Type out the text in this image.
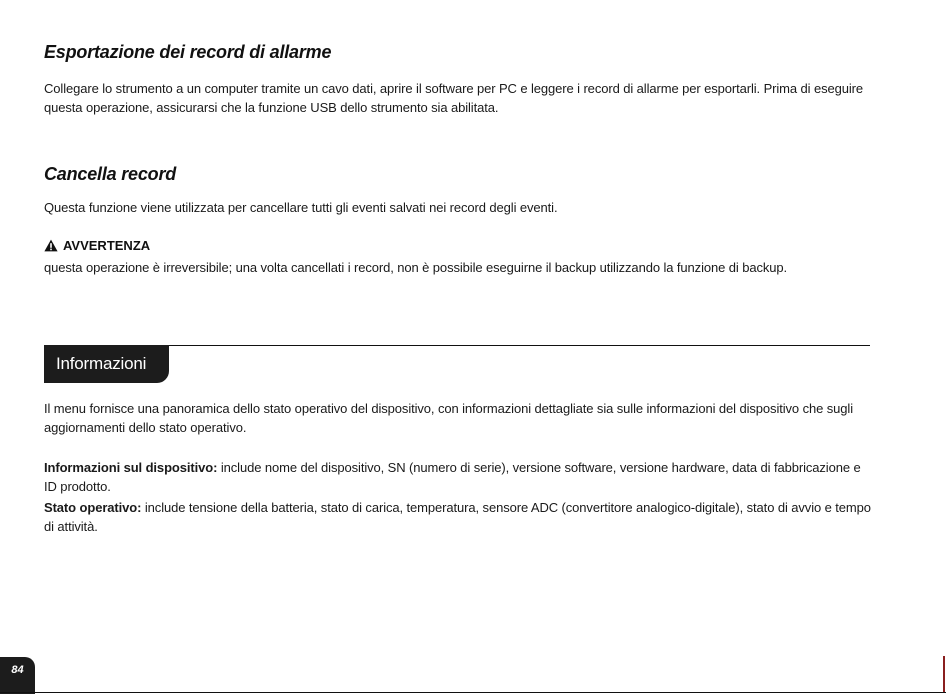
Esportazione dei record di allarme

Collegare lo strumento a un computer tramite un cavo dati, aprire il software per PC e leggere i record di allarme per esportarli. Prima di eseguire questa operazione, assicurarsi che la funzione USB dello strumento sia abilitata.

Cancella record

Questa funzione viene utilizzata per cancellare tutti gli eventi salvati nei record degli eventi.

AVVERTENZA

questa operazione è irreversibile; una volta cancellati i record, non è possibile eseguirne il backup utilizzando la funzione di backup.

Informazioni

Il menu fornisce una panoramica dello stato operativo del dispositivo, con informazioni dettagliate sia sulle informazioni del dispositivo che sugli aggiornamenti dello stato operativo.

Informazioni sul dispositivo: include nome del dispositivo, SN (numero di serie), versione software, versione hardware, data di fabbricazione e ID prodotto.

Stato operativo: include tensione della batteria, stato di carica, temperatura, sensore ADC (convertitore analogico-digitale), stato di avvio e tempo di attività.

84
